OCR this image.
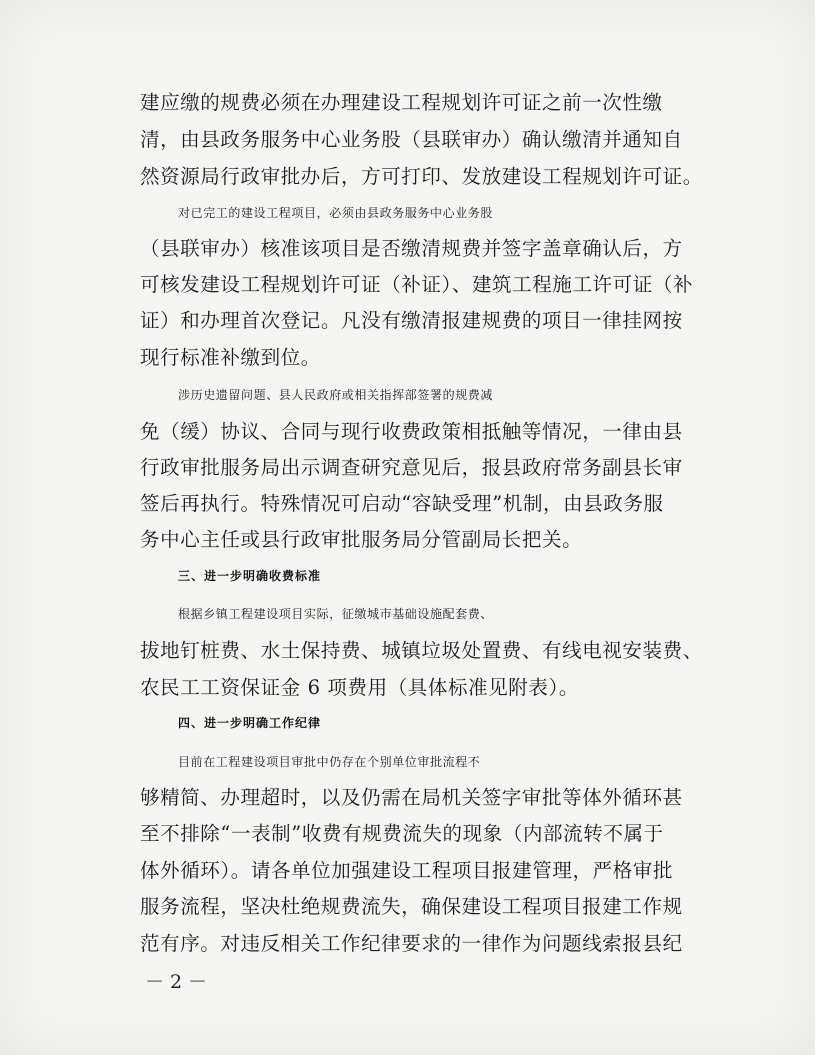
建应缴的规费必须在办理建设工程规划许可证之前一次性缴
清，由县政务服务中心业务股（县联审办）确认缴清并通知自
然资源局行政审批办后，方可打印、发放建设工程规划许可证。
对已完工的建设工程项目，必须由县政务服务中心业务股
（县联审办）核准该项目是否缴清规费并签字盖章确认后，方
可核发建设工程规划许可证（补证）、建筑工程施工许可证（补
证）和办理首次登记。凡没有缴清报建规费的项目一律挂网按
现行标准补缴到位。
涉历史遗留问题、县人民政府或相关指挥部签署的规费减
免（缓）协议、合同与现行收费政策相抵触等情况，一律由县
行政审批服务局出示调查研究意见后，报县政府常务副县长审
签后再执行。特殊情况可启动“容缺受理”机制，由县政务服
务中心主任或县行政审批服务局分管副局长把关。
三、进一步明确收费标准
根据乡镇工程建设项目实际，征缴城市基础设施配套费、
拔地钉桩费、水土保持费、城镇垃圾处置费、有线电视安装费、
农民工工资保证金 6 项费用（具体标准见附表）。
四、进一步明确工作纪律
目前在工程建设项目审批中仍存在个别单位审批流程不
够精简、办理超时，以及仍需在局机关签字审批等体外循环甚
至不排除“一表制”收费有规费流失的现象（内部流转不属于
体外循环）。请各单位加强建设工程项目报建管理，严格审批
服务流程，坚决杜绝规费流失，确保建设工程项目报建工作规
范有序。对违反相关工作纪律要求的一律作为问题线索报县纪
－ 2 －
